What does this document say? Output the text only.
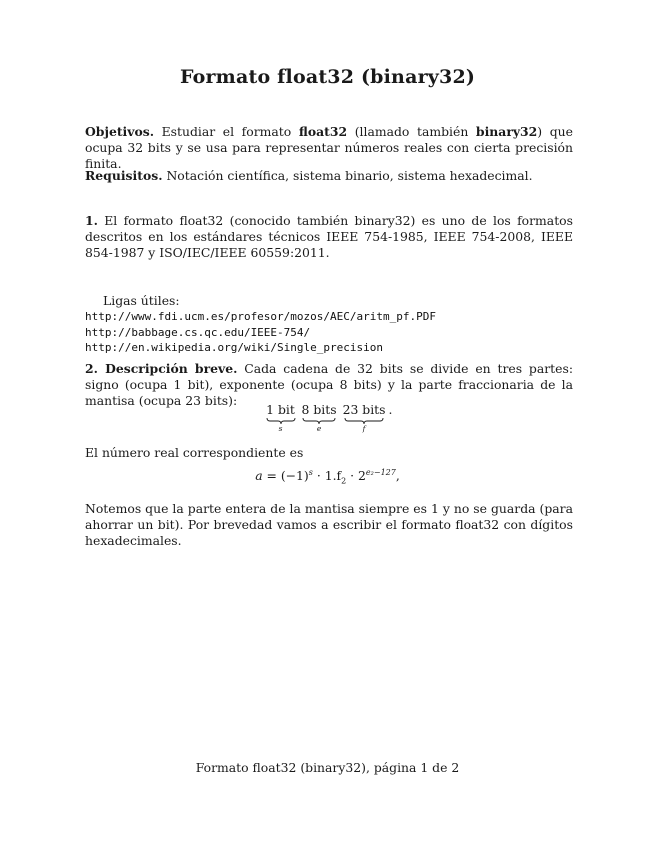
Formato float32 (binary32)
Objetivos. Estudiar el formato float32 (llamado también binary32) que ocupa 32 bits y se usa para representar números reales con cierta precisión finita.
Requisitos. Notación científica, sistema binario, sistema hexadecimal.
1. El formato float32 (conocido también binary32) es uno de los formatos descritos en los estándares técnicos IEEE 754-1985, IEEE 754-2008, IEEE 854-1987 y ISO/IEC/IEEE 60559:2011.
Ligas útiles:
http://www.fdi.ucm.es/profesor/mozos/AEC/aritm_pf.PDF
http://babbage.cs.qc.edu/IEEE-754/
http://en.wikipedia.org/wiki/Single_precision
2. Descripción breve. Cada cadena de 32 bits se divide en tres partes: signo (ocupa 1 bit), exponente (ocupa 8 bits) y la parte fraccionaria de la mantisa (ocupa 23 bits):
1 bit
s
8 bits
e
23 bits
f
.
El número real correspondiente es
$a = (-1)^s \cdot 1.f_2 \cdot 2^{e_2-127}$,
Notemos que la parte entera de la mantisa siempre es 1 y no se guarda (para ahorrar un bit). Por brevedad vamos a escribir el formato float32 con dígitos hexadecimales.
Formato float32 (binary32), página 1 de 2
